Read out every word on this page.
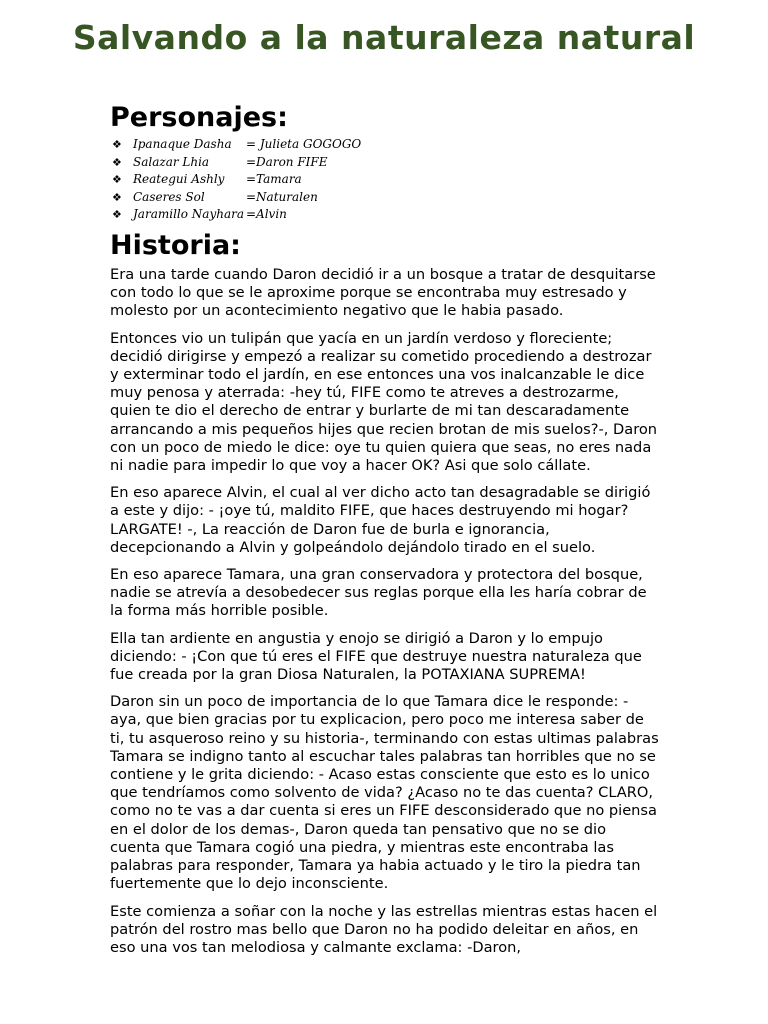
Salvando a la naturaleza natural
Personajes:
❖ Ipanaque Dasha = Julieta GOGOGO
❖ Salazar Lhia	=Daron FIFE
❖ Reategui Ashly =Tamara
❖ Caseres Sol	=Naturalen
❖ Jaramillo Nayhara =Alvin
Historia:

Era una tarde cuando Daron decidió ir a un bosque a tratar de desquitarse con todo lo que se le aproxime porque se encontraba muy estresado y molesto por un acontecimiento negativo que le habia pasado.

Entonces vio un tulipán que yacía en un jardín verdoso y floreciente; decidió dirigirse y empezó a realizar su cometido procediendo a destrozar y exterminar todo el jardín, en ese entonces una vos inalcanzable le dice muy penosa y aterrada: -hey tú, FIFE como te atreves a destrozarme, quien te dio el derecho de entrar y burlarte de mi tan descaradamente arrancando a mis pequeños hijes que recien brotan de mis suelos?-, Daron con un poco de miedo le dice: oye tu quien quiera que seas, no eres nada ni nadie para impedir lo que voy a hacer OK? Asi que solo cállate.

En eso aparece Alvin, el cual al ver dicho acto tan desagradable se dirigió a este y dijo: - ¡oye tú, maldito FIFE, que haces destruyendo mi hogar? LARGATE! -, La reacción de Daron fue de burla e ignorancia, decepcionando a Alvin y golpeándolo dejándolo tirado en el suelo.

En eso aparece Tamara, una gran conservadora y protectora del bosque, nadie se atrevía a desobedecer sus reglas porque ella les haría cobrar de la forma más horrible posible.

Ella tan ardiente en angustia y enojo se dirigió a Daron y lo empujo diciendo: - ¡Con que tú eres el FIFE que destruye nuestra naturaleza que fue creada por la gran Diosa Naturalen, la POTAXIANA SUPREMA!

Daron sin un poco de importancia de lo que Tamara dice le responde: - aya, que bien gracias por tu explicacion, pero poco me interesa saber de ti, tu asqueroso reino y su historia-, terminando con estas ultimas palabras Tamara se indigno tanto al escuchar tales palabras tan horribles que no se contiene y le grita diciendo: - Acaso estas consciente que esto es lo unico que tendríamos como solvento de vida? ¿Acaso no te das cuenta? CLARO, como no te vas a dar cuenta si eres un FIFE desconsiderado que no piensa en el dolor de los demas-, Daron queda tan pensativo que no se dio cuenta que Tamara cogió una piedra, y mientras este encontraba las palabras para responder, Tamara ya habia actuado y le tiro la piedra tan fuertemente que lo dejo inconsciente.

Este comienza a soñar con la noche y las estrellas mientras estas hacen el patrón del rostro mas bello que Daron no ha podido deleitar en años, en eso una vos tan melodiosa y calmante exclama: -Daron,
